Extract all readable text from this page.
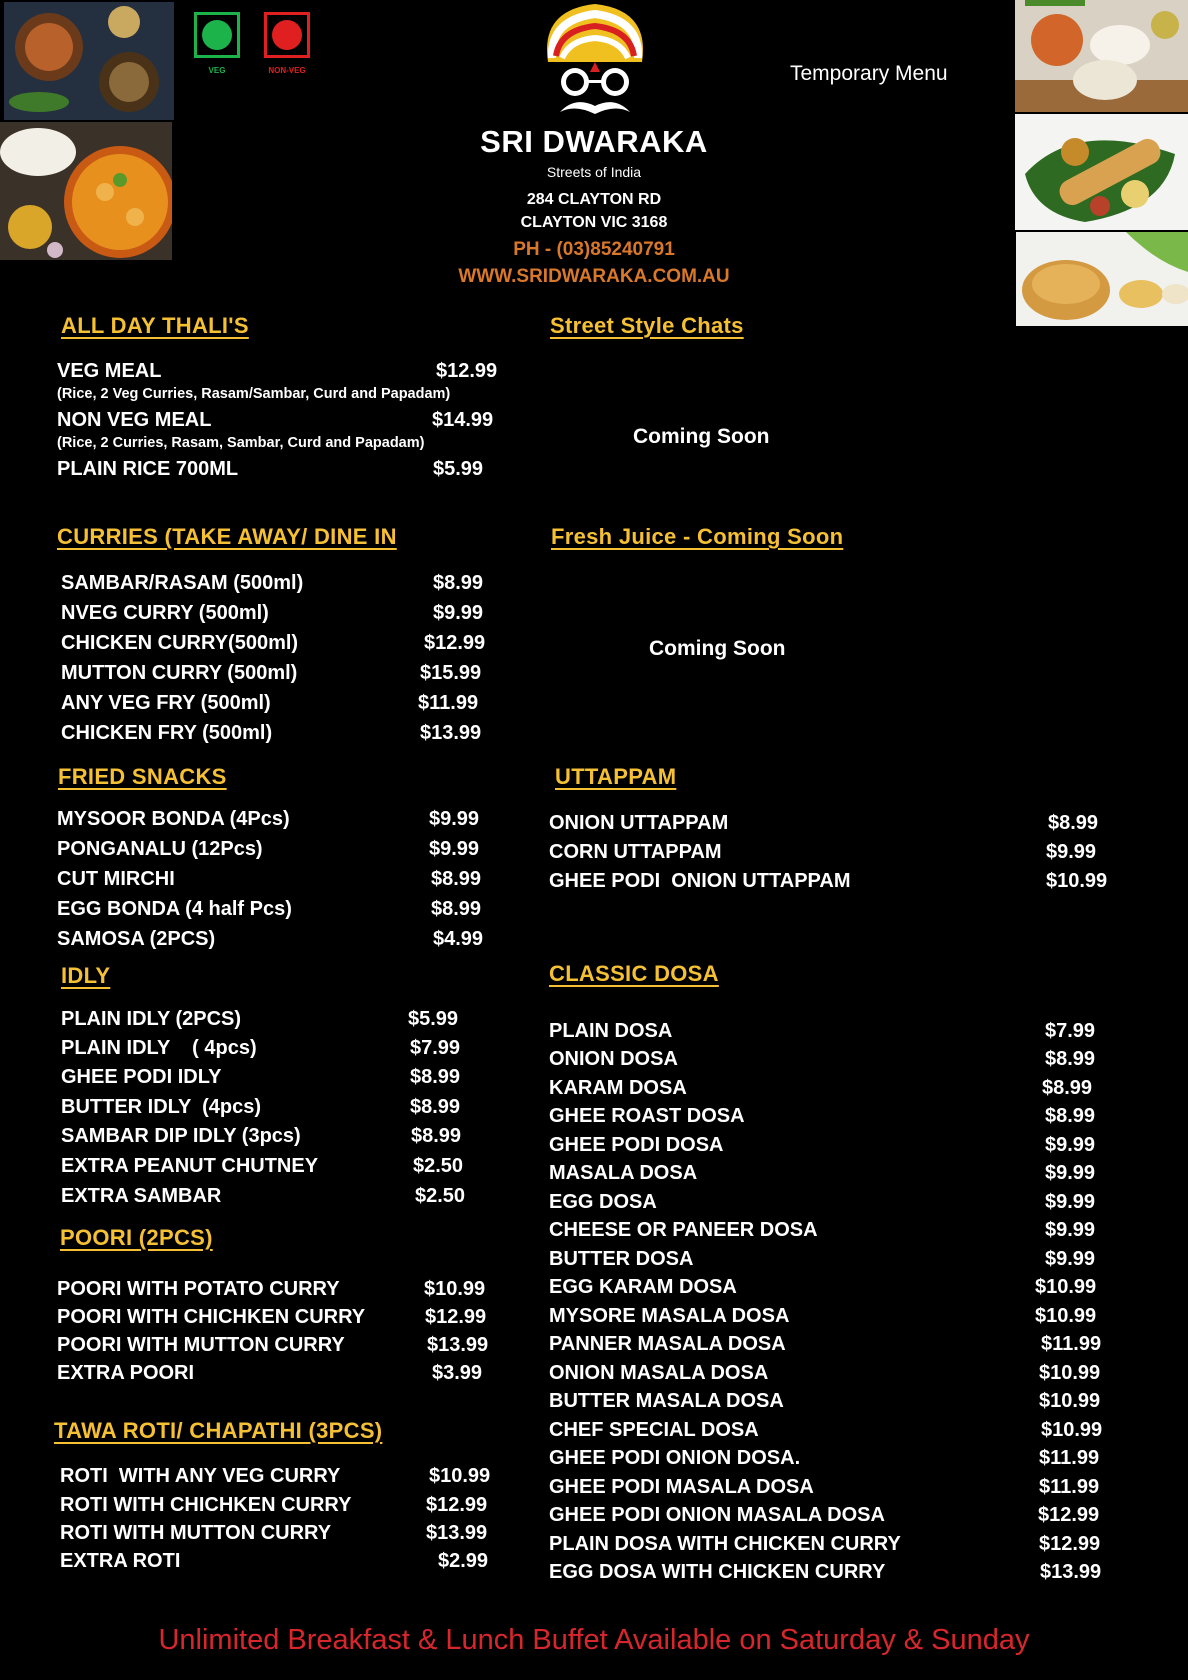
VEG	NON-VEG
SRI DWARAKA
Streets of India
284 CLAYTON RD
CLAYTON VIC 3168
PH - (03)85240791
WWW.SRIDWARAKA.COM.AU
Temporary Menu
ALL DAY THALI'S
VEG MEAL	$12.99
(Rice, 2 Veg Curries, Rasam/Sambar, Curd and Papadam)
NON VEG MEAL	$14.99
(Rice, 2 Curries, Rasam, Sambar, Curd and Papadam)
PLAIN RICE 700ML	$5.99
CURRIES (TAKE AWAY/ DINE IN
SAMBAR/RASAM (500ml)	$8.99
NVEG CURRY (500ml)	$9.99
CHICKEN CURRY(500ml)	$12.99
MUTTON CURRY (500ml)	$15.99
ANY VEG FRY (500ml)	$11.99
CHICKEN FRY (500ml)	$13.99
FRIED SNACKS
MYSOOR BONDA (4Pcs)	$9.99
PONGANALU (12Pcs)	$9.99
CUT MIRCHI	$8.99
EGG BONDA (4 half Pcs)	$8.99
SAMOSA (2PCS)	$4.99
IDLY
PLAIN IDLY (2PCS)	$5.99
PLAIN IDLY    ( 4pcs)	$7.99
GHEE PODI IDLY	$8.99
BUTTER IDLY  (4pcs)	$8.99
SAMBAR DIP IDLY (3pcs)	$8.99
EXTRA PEANUT CHUTNEY	$2.50
EXTRA SAMBAR	$2.50
POORI (2PCS)
POORI WITH POTATO CURRY	$10.99
POORI WITH CHICHKEN CURRY	$12.99
POORI WITH MUTTON CURRY	$13.99
EXTRA POORI	$3.99
TAWA ROTI/ CHAPATHI (3PCS)
ROTI  WITH ANY VEG CURRY	$10.99
ROTI WITH CHICHKEN CURRY	$12.99
ROTI WITH MUTTON CURRY	$13.99
EXTRA ROTI	$2.99
Street Style Chats
Coming Soon
Fresh Juice - Coming Soon
Coming Soon
UTTAPPAM
ONION UTTAPPAM	$8.99
CORN UTTAPPAM	$9.99
GHEE PODI  ONION UTTAPPAM	$10.99
CLASSIC DOSA
PLAIN DOSA	$7.99
ONION DOSA	$8.99
KARAM DOSA	$8.99
GHEE ROAST DOSA	$8.99
GHEE PODI DOSA	$9.99
MASALA DOSA	$9.99
EGG DOSA	$9.99
CHEESE OR PANEER DOSA	$9.99
BUTTER DOSA	$9.99
EGG KARAM DOSA	$10.99
MYSORE MASALA DOSA	$10.99
PANNER MASALA DOSA	$11.99
ONION MASALA DOSA	$10.99
BUTTER MASALA DOSA	$10.99
CHEF SPECIAL DOSA	$10.99
GHEE PODI ONION DOSA.	$11.99
GHEE PODI MASALA DOSA	$11.99
GHEE PODI ONION MASALA DOSA	$12.99
PLAIN DOSA WITH CHICKEN CURRY	$12.99
EGG DOSA WITH CHICKEN CURRY	$13.99
Unlimited Breakfast & Lunch Buffet Available on Saturday & Sunday
